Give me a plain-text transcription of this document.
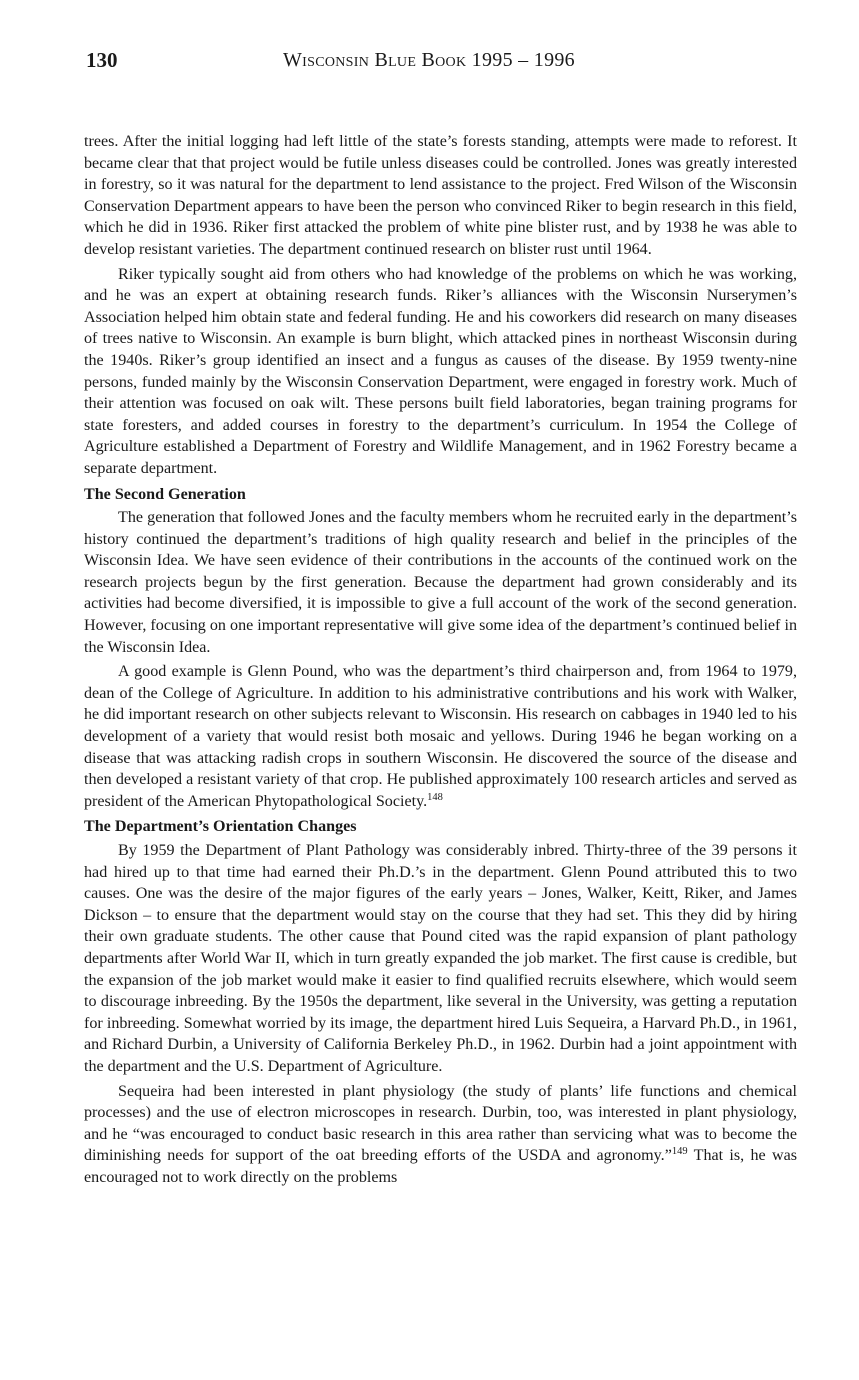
130	Wisconsin Blue Book 1995 – 1996

trees. After the initial logging had left little of the state’s forests standing, attempts were made to reforest. It became clear that that project would be futile unless diseases could be controlled. Jones was greatly interested in forestry, so it was natural for the department to lend assistance to the project. Fred Wilson of the Wisconsin Conservation Department appears to have been the person who convinced Riker to begin research in this field, which he did in 1936. Riker first attacked the problem of white pine blister rust, and by 1938 he was able to develop resistant varieties. The department continued research on blister rust until 1964.

Riker typically sought aid from others who had knowledge of the problems on which he was working, and he was an expert at obtaining research funds. Riker’s alliances with the Wisconsin Nurserymen’s Association helped him obtain state and federal funding. He and his coworkers did research on many diseases of trees native to Wisconsin. An example is burn blight, which attacked pines in northeast Wisconsin during the 1940s. Riker’s group identified an insect and a fungus as causes of the disease. By 1959 twenty-nine persons, funded mainly by the Wisconsin Conservation Department, were engaged in forestry work. Much of their attention was focused on oak wilt. These persons built field laboratories, began training programs for state foresters, and added courses in forestry to the department’s curriculum. In 1954 the College of Agriculture established a Department of Forestry and Wildlife Management, and in 1962 Forestry became a separate department.

The Second Generation

The generation that followed Jones and the faculty members whom he recruited early in the department’s history continued the department’s traditions of high quality research and belief in the principles of the Wisconsin Idea. We have seen evidence of their contributions in the accounts of the continued work on the research projects begun by the first generation. Because the department had grown considerably and its activities had become diversified, it is impossible to give a full account of the work of the second generation. However, focusing on one important representative will give some idea of the department’s continued belief in the Wisconsin Idea.

A good example is Glenn Pound, who was the department’s third chairperson and, from 1964 to 1979, dean of the College of Agriculture. In addition to his administrative contributions and his work with Walker, he did important research on other subjects relevant to Wisconsin. His research on cabbages in 1940 led to his development of a variety that would resist both mosaic and yellows. During 1946 he began working on a disease that was attacking radish crops in southern Wisconsin. He discovered the source of the disease and then developed a resistant variety of that crop. He published approximately 100 research articles and served as president of the American Phytopathological Society.$^{148}$

The Department’s Orientation Changes

By 1959 the Department of Plant Pathology was considerably inbred. Thirty-three of the 39 persons it had hired up to that time had earned their Ph.D.’s in the department. Glenn Pound attributed this to two causes. One was the desire of the major figures of the early years – Jones, Walker, Keitt, Riker, and James Dickson – to ensure that the department would stay on the course that they had set. This they did by hiring their own graduate students. The other cause that Pound cited was the rapid expansion of plant pathology departments after World War II, which in turn greatly expanded the job market. The first cause is credible, but the expansion of the job market would make it easier to find qualified recruits elsewhere, which would seem to discourage inbreeding. By the 1950s the department, like several in the University, was getting a reputation for inbreeding. Somewhat worried by its image, the department hired Luis Sequeira, a Harvard Ph.D., in 1961, and Richard Durbin, a University of California Berkeley Ph.D., in 1962. Durbin had a joint appointment with the department and the U.S. Department of Agriculture.

Sequeira had been interested in plant physiology (the study of plants’ life functions and chemical processes) and the use of electron microscopes in research. Durbin, too, was interested in plant physiology, and he “was encouraged to conduct basic research in this area rather than servicing what was to become the diminishing needs for support of the oat breeding efforts of the USDA and agronomy.”$^{149}$ That is, he was encouraged not to work directly on the problems
